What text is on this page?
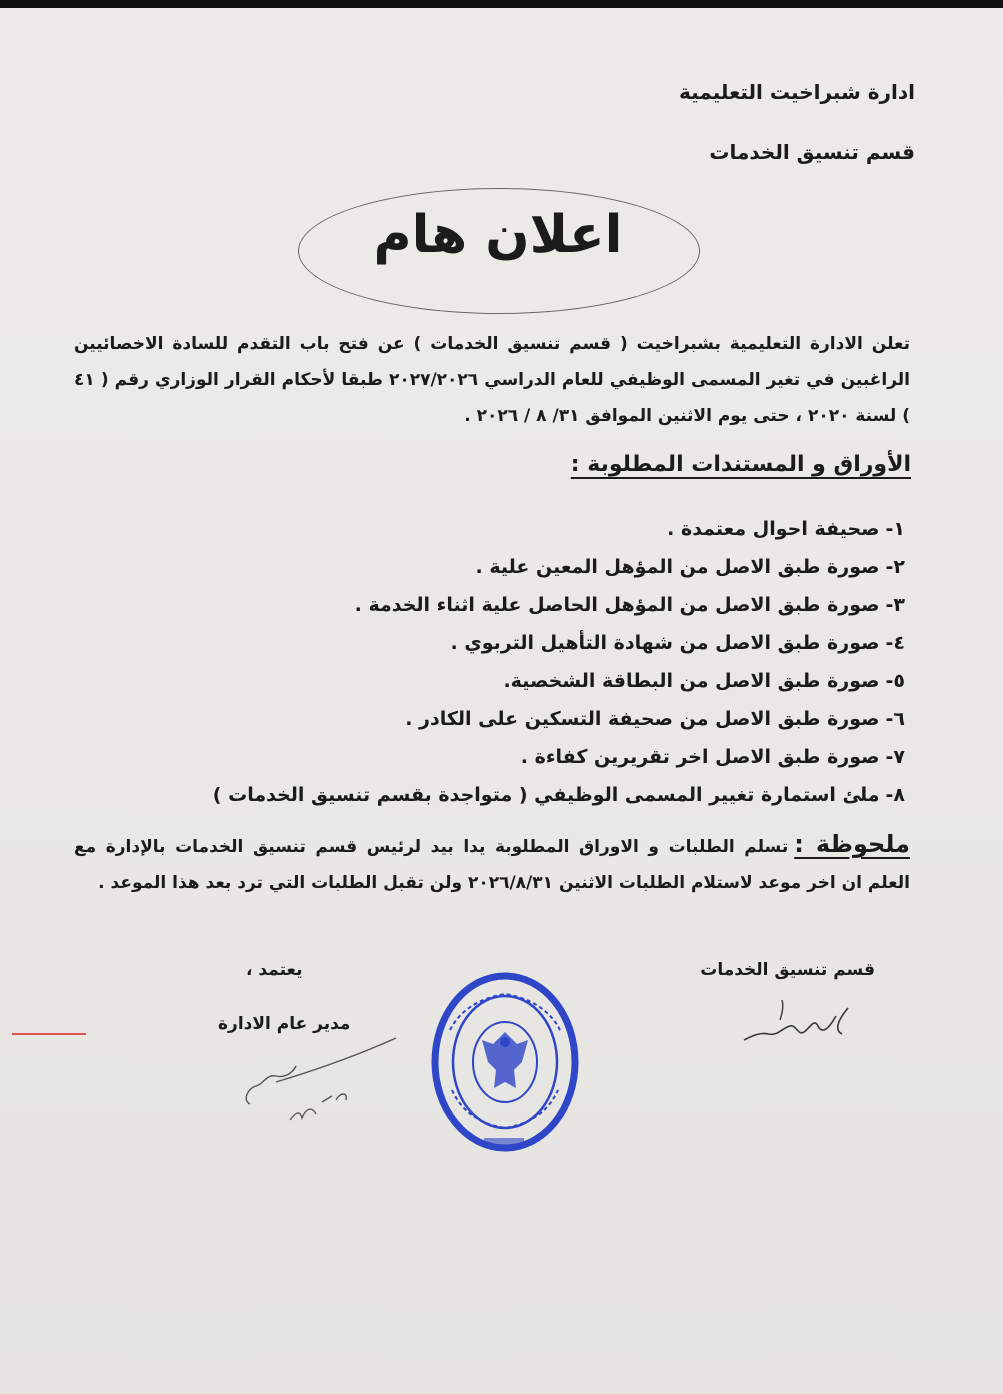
ادارة شبراخيت التعليمية
قسم تنسيق الخدمات
اعلان هام
تعلن الادارة التعليمية بشبراخيت ( قسم تنسيق الخدمات ) عن فتح باب التقدم للسادة الاخصائيين الراغبين في تغير المسمى الوظيفي للعام الدراسي ٢٠٢٧/٢٠٢٦ طبقا لأحكام القرار الوزاري رقم ( ٤١ ) لسنة ٢٠٢٠ ، حتى يوم الاثنين الموافق ٣١/ ٨ / ٢٠٢٦ .
الأوراق و المستندات المطلوبة :
١-صحيفة احوال معتمدة .
٢-صورة طبق الاصل من المؤهل المعين علية .
٣-صورة طبق الاصل من المؤهل الحاصل علية اثناء الخدمة .
٤-صورة طبق الاصل من شهادة التأهيل التربوي .
٥-صورة طبق الاصل من البطاقة الشخصية.
٦-صورة طبق الاصل من صحيفة التسكين على الكادر .
٧-صورة طبق الاصل اخر تقريرين كفاءة .
٨-ملئ استمارة تغيير المسمى الوظيفي ( متواجدة بقسم تنسيق الخدمات )
ملحوظة :تسلم الطلبات و الاوراق المطلوبة يدا بيد لرئيس قسم تنسيق الخدمات بالإدارة مع العلم ان اخر موعد لاستلام الطلبات الاثنين ٢٠٢٦/٨/٣١ ولن تقبل الطلبات التي ترد بعد هذا الموعد .
قسم تنسيق الخدمات
يعتمد ،
مدير عام الادارة
